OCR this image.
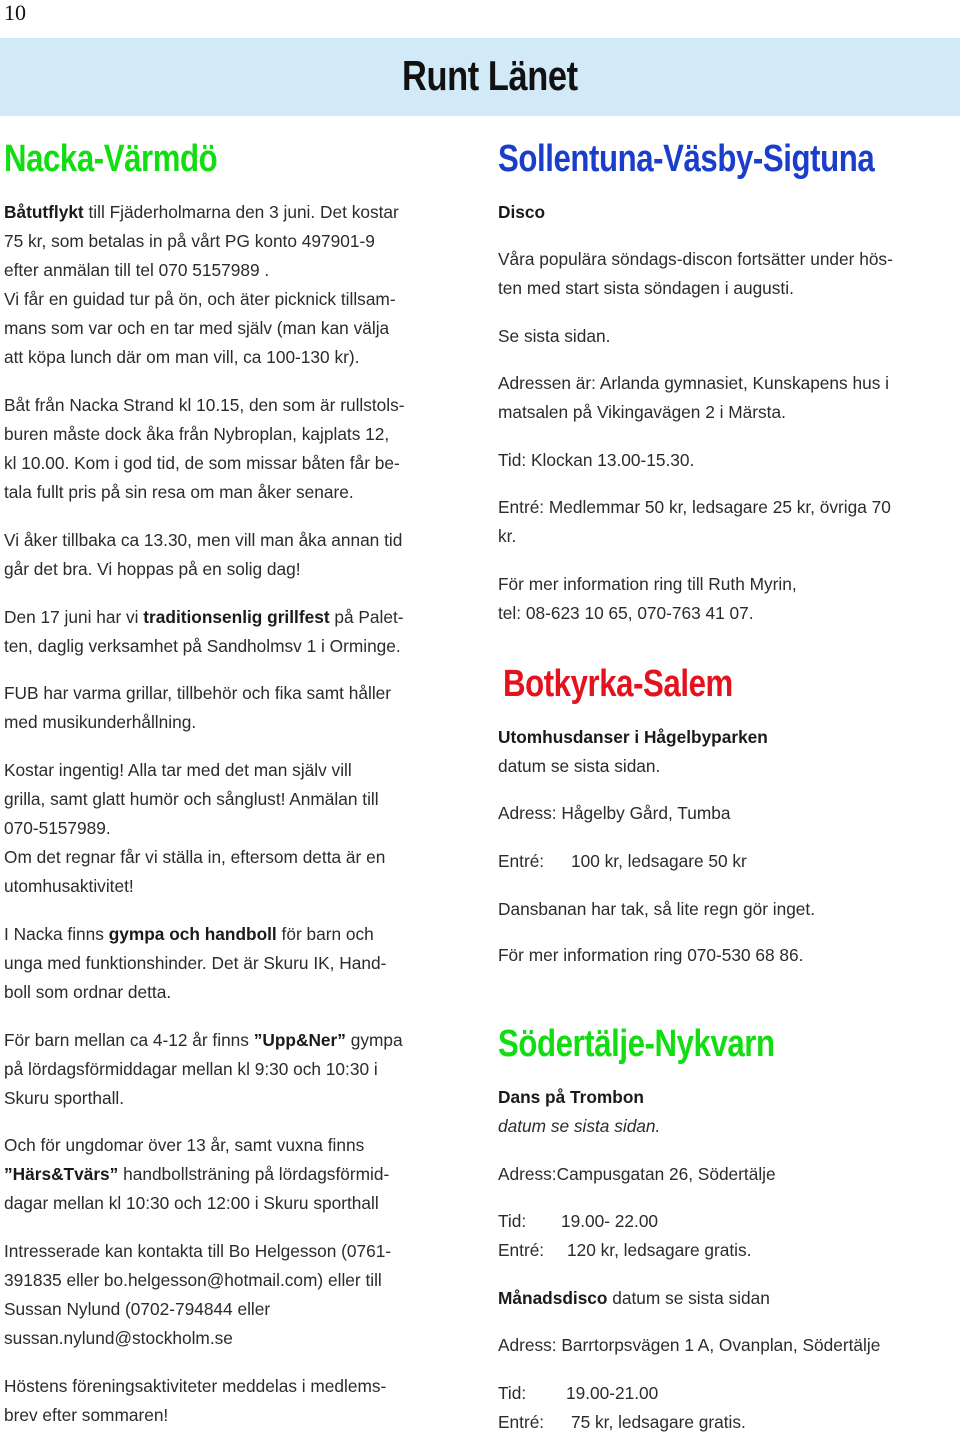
10
Runt Länet
Nacka-Värmdö
Båtutflykt till Fjäderholmarna den 3 juni. Det kostar
75 kr, som betalas in på vårt PG konto 497901-9
efter anmälan till tel 070 5157989 .
Vi får en guidad tur på ön, och äter picknick tillsam-
mans som var och en tar med själv (man kan välja
att köpa lunch där om man vill, ca 100-130 kr).
Båt från Nacka Strand kl 10.15, den som är rullstols-
buren måste dock åka från Nybroplan, kajplats 12,
kl 10.00. Kom i god tid, de som missar båten får be-
tala fullt pris på sin resa om man åker senare.
Vi åker tillbaka ca 13.30, men vill man åka annan tid
går det bra. Vi hoppas på en solig dag!
Den 17 juni har vi traditionsenlig grillfest på Palet-
ten, daglig verksamhet på Sandholmsv 1 i Orminge.
FUB har varma grillar, tillbehör och fika samt håller
med musikunderhållning.
Kostar ingentig! Alla tar med det man själv vill
grilla, samt glatt humör och sånglust! Anmälan till
070-5157989.
Om det regnar får vi ställa in, eftersom detta är en
utomhusaktivitet!
I Nacka finns gympa och handboll för barn och
unga med funktionshinder. Det är Skuru IK, Hand-
boll som ordnar detta.
För barn mellan ca 4-12 år finns ”Upp&Ner” gympa
på lördagsförmiddagar mellan kl 9:30 och 10:30 i
Skuru sporthall.
Och för ungdomar över 13 år, samt vuxna finns
”Härs&Tvärs” handbollsträning på lördagsförmid-
dagar mellan kl 10:30 och 12:00 i Skuru sporthall
Intresserade kan kontakta till Bo Helgesson (0761-
391835 eller bo.helgesson@hotmail.com) eller till
Sussan Nylund (0702-794844 eller
sussan.nylund@stockholm.se
Höstens föreningsaktiviteter meddelas i medlems-
brev efter sommaren!
Sollentuna-Väsby-Sigtuna
Disco
Våra populära söndags-discon fortsätter under hös-
ten med start sista söndagen i augusti.
Se sista sidan.
Adressen är: Arlanda gymnasiet, Kunskapens hus i
matsalen på Vikingavägen 2 i Märsta.
Tid: Klockan 13.00-15.30.
Entré: Medlemmar 50 kr, ledsagare 25 kr, övriga 70
kr.
För mer information ring till Ruth Myrin,
tel: 08-623 10 65, 070-763 41 07.
Botkyrka-Salem
Utomhusdanser i Hågelbyparken
datum se sista sidan.
Adress: Hågelby Gård, Tumba
Entré: 100 kr, ledsagare 50 kr
Dansbanan har tak, så lite regn gör inget.
För mer information ring 070-530 68 86.
Södertälje-Nykvarn
Dans på Trombon
datum se sista sidan.
Adress:Campusgatan 26, Södertälje
Tid: 19.00- 22.00
Entré: 120 kr, ledsagare gratis.
Månadsdisco datum se sista sidan
Adress: Barrtorpsvägen 1 A, Ovanplan, Södertälje
Tid: 19.00-21.00
Entré: 75 kr, ledsagare gratis.
